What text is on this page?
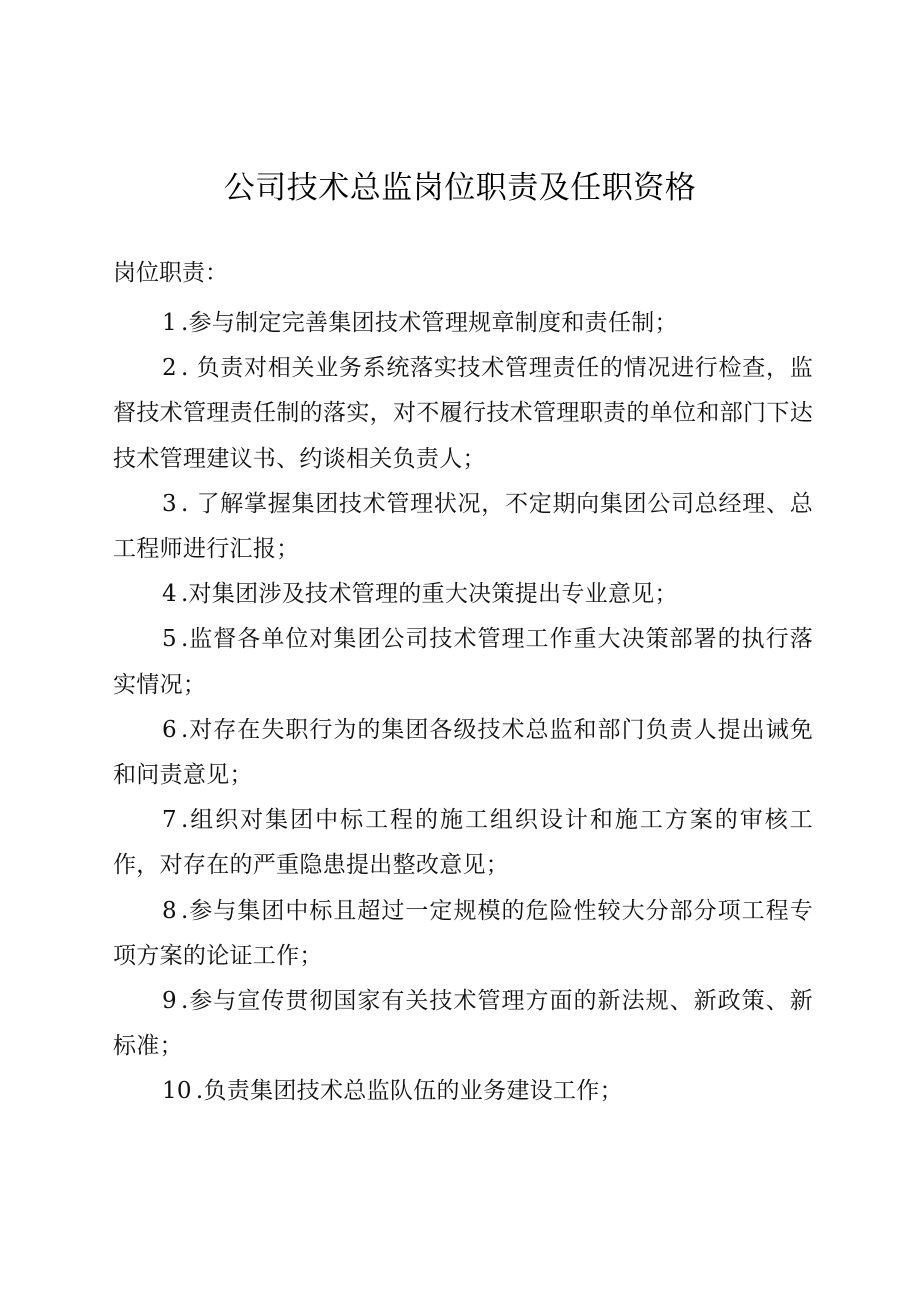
公司技术总监岗位职责及任职资格
岗位职责：
1 .参与制定完善集团技术管理规章制度和责任制；
2 . 负责对相关业务系统落实技术管理责任的情况进行检查，监督技术管理责任制的落实，对不履行技术管理职责的单位和部门下达技术管理建议书、约谈相关负责人；
3 . 了解掌握集团技术管理状况，不定期向集团公司总经理、总工程师进行汇报；
4 .对集团涉及技术管理的重大决策提出专业意见；
5 .监督各单位对集团公司技术管理工作重大决策部署的执行落实情况；
6 .对存在失职行为的集团各级技术总监和部门负责人提出诫免和问责意见；
7 .组织对集团中标工程的施工组织设计和施工方案的审核工作，对存在的严重隐患提出整改意见；
8 .参与集团中标且超过一定规模的危险性较大分部分项工程专项方案的论证工作；
9 .参与宣传贯彻国家有关技术管理方面的新法规、新政策、新标准；
10 .负责集团技术总监队伍的业务建设工作；
